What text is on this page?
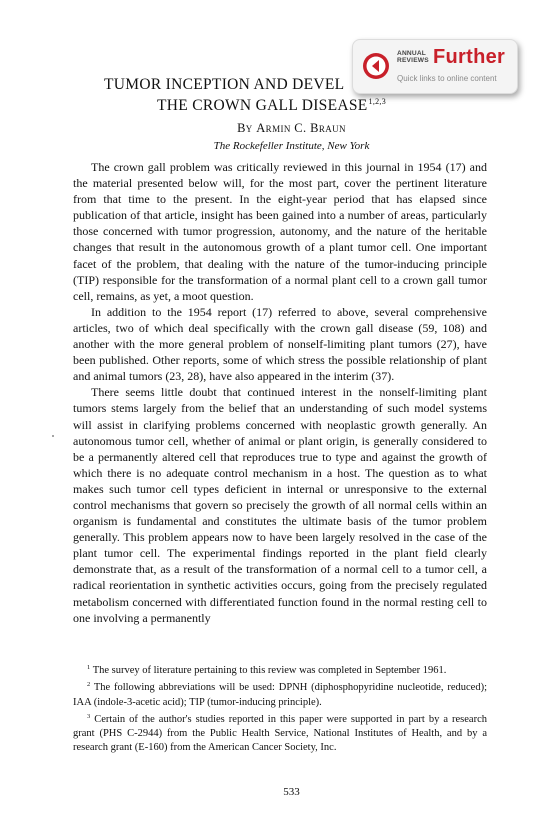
TUMOR INCEPTION AND DEVEL
THE CROWN GALL DISEASE$^{1,2,3}$
ANNUAL
REVIEWS Further
Quick links to online content
By Armin C. Braun
The Rockefeller Institute, New York

The crown gall problem was critically reviewed in this journal in 1954 (17) and the material presented below will, for the most part, cover the pertinent literature from that time to the present. In the eight-year period that has elapsed since publication of that article, insight has been gained into a number of areas, particularly those concerned with tumor progression, autonomy, and the nature of the heritable changes that result in the autonomous growth of a plant tumor cell. One important facet of the problem, that dealing with the nature of the tumor-inducing principle (TIP) responsible for the transformation of a normal plant cell to a crown gall tumor cell, remains, as yet, a moot question.

In addition to the 1954 report (17) referred to above, several comprehensive articles, two of which deal specifically with the crown gall disease (59, 108) and another with the more general problem of nonself-limiting plant tumors (27), have been published. Other reports, some of which stress the possible relationship of plant and animal tumors (23, 28), have also appeared in the interim (37).

There seems little doubt that continued interest in the nonself-limiting plant tumors stems largely from the belief that an understanding of such model systems will assist in clarifying problems concerned with neoplastic growth generally. An autonomous tumor cell, whether of animal or plant origin, is generally considered to be a permanently altered cell that reproduces true to type and against the growth of which there is no adequate control mechanism in a host. The question as to what makes such tumor cell types deficient in internal or unresponsive to the external control mechanisms that govern so precisely the growth of all normal cells within an organism is fundamental and constitutes the ultimate basis of the tumor problem generally. This problem appears now to have been largely resolved in the case of the plant tumor cell. The experimental findings reported in the plant field clearly demonstrate that, as a result of the transformation of a normal cell to a tumor cell, a radical reorientation in synthetic activities occurs, going from the precisely regulated metabolism concerned with differentiated function found in the normal resting cell to one involving a permanently

$^1$ The survey of literature pertaining to this review was completed in September 1961.

$^2$ The following abbreviations will be used: DPNH (diphosphopyridine nucleotide, reduced); IAA (indole-3-acetic acid); TIP (tumor-inducing principle).

$^3$ Certain of the author's studies reported in this paper were supported in part by a research grant (PHS C-2944) from the Public Health Service, National Institutes of Health, and by a research grant (E-160) from the American Cancer Society, Inc.

533
